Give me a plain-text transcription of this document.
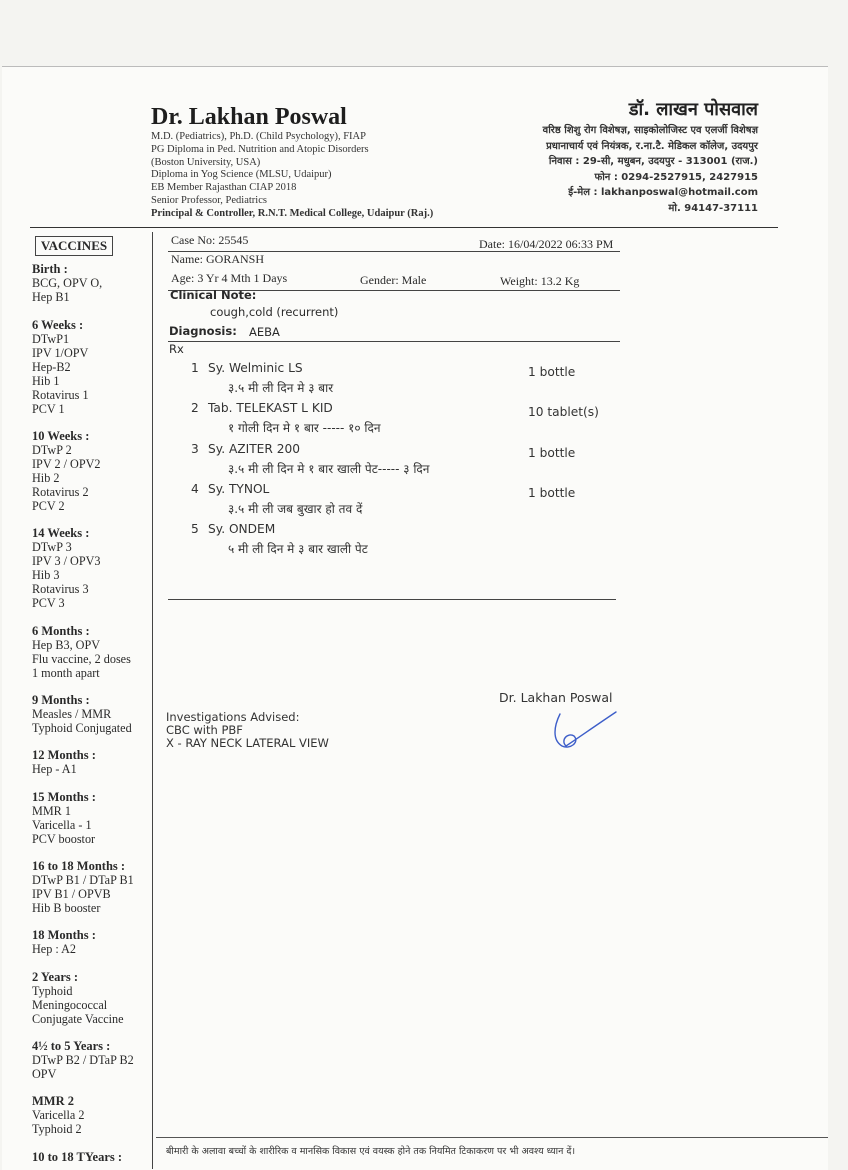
Dr. Lakhan Poswal
M.D. (Pediatrics), Ph.D. (Child Psychology), FIAP
PG Diploma in Ped. Nutrition and Atopic Disorders
(Boston University, USA)
Diploma in Yog Science (MLSU, Udaipur)
EB Member Rajasthan CIAP 2018
Senior Professor, Pediatrics
Principal & Controller, R.N.T. Medical College, Udaipur (Raj.)
डॉ. लाखन पोसवाल
वरिष्ठ शिशु रोग विशेषज्ञ, साइकोलोजिस्ट एव एलर्जी विशेषज्ञ
प्रधानाचार्य एवं नियंत्रक, र.ना.टै. मेडिकल कॉलेज, उदयपुर
निवास : 29-सी, मधुबन, उदयपुर - 313001 (राज.)
फोन : 0294-2527915, 2427915
ई-मेल : lakhanposwal@hotmail.com
मो. 94147-37111
VACCINES
Birth :
BCG, OPV O,
Hep B1
6 Weeks :
DTwP1
IPV 1/OPV
Hep-B2
Hib 1
Rotavirus 1
PCV 1
10 Weeks :
DTwP 2
IPV 2 / OPV2
Hib 2
Rotavirus 2
PCV 2
14 Weeks :
DTwP 3
IPV 3 / OPV3
Hib 3
Rotavirus 3
PCV 3
6 Months :
Hep B3, OPV
Flu vaccine, 2 doses
1 month apart
9 Months :
Measles / MMR
Typhoid Conjugated
12 Months :
Hep - A1
15 Months :
MMR 1
Varicella - 1
PCV boostor
16 to 18 Months :
DTwP B1 / DTaP B1
IPV B1 / OPVB
Hib B booster
18 Months :
Hep : A2
2 Years :
Typhoid
Meningococcal
Conjugate Vaccine
4½ to 5 Years :
DTwP B2 / DTaP B2
OPV
MMR 2
Varicella 2
Typhoid 2
10 to 18 TYears :
Case No: 25545	Date: 16/04/2022 06:33 PM
Name: GORANSH
Age: 3 Yr 4 Mth 1 Days	Gender: Male	Weight: 13.2 Kg
Clinical Note:
cough,cold (recurrent)
Diagnosis: AEBA
Rx
1 Sy. Welminic LS	1 bottle
३.५ मी ली दिन मे ३ बार
2 Tab. TELEKAST L KID	10 tablet(s)
१ गोली दिन मे १ बार ----- १० दिन
3 Sy. AZITER 200	1 bottle
३.५ मी ली दिन मे १ बार खाली पेट----- ३ दिन
4 Sy. TYNOL	1 bottle
३.५ मी ली जब बुखार हो तव दें
5 Sy. ONDEM
५ मी ली दिन मे ३ बार खाली पेट
Dr. Lakhan Poswal
Investigations Advised:
CBC with PBF
X - RAY NECK LATERAL VIEW
बीमारी के अलावा बच्चों के शारीरिक व मानसिक विकास एवं वयस्क होने तक नियमित टिकाकरण पर भी अवश्य ध्यान दें।
